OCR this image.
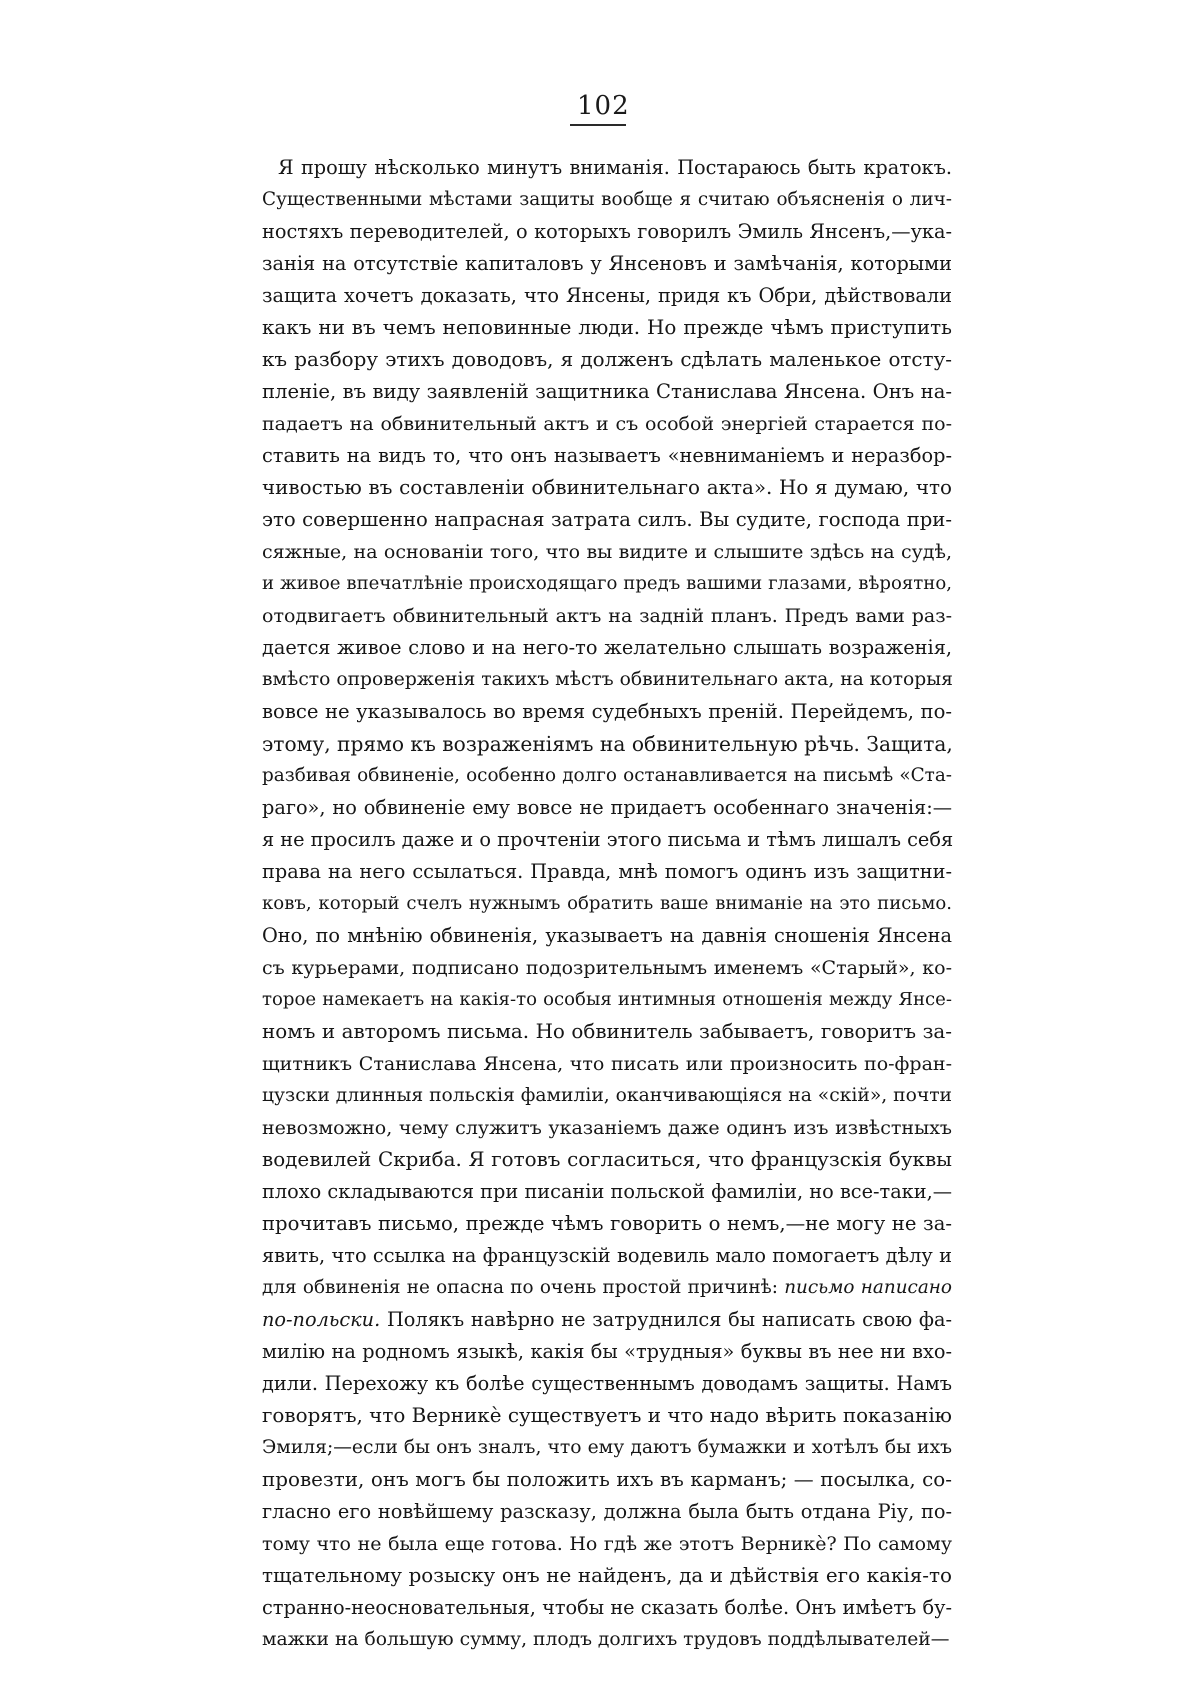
102
Я прошу нѣсколько минутъ вниманія. Постараюсь быть кратокъ.
Существенными мѣстами защиты вообще я считаю объясненія о лич-
ностяхъ переводителей, о которыхъ говорилъ Эмиль Янсенъ,—ука-
занія на отсутствіе капиталовъ у Янсеновъ и замѣчанія, которыми
защита хочетъ доказать, что Янсены, придя къ Обри, дѣйствовали
какъ ни въ чемъ неповинные люди. Но прежде чѣмъ приступить
къ разбору этихъ доводовъ, я долженъ сдѣлать маленькое отсту-
пленіе, въ виду заявленій защитника Станислава Янсена. Онъ на-
падаетъ на обвинительный актъ и съ особой энергіей старается по-
ставить на видъ то, что онъ называетъ «невниманіемъ и неразбор-
чивостью въ составленіи обвинительнаго акта». Но я думаю, что
это совершенно напрасная затрата силъ. Вы судите, господа при-
сяжные, на основаніи того, что вы видите и слышите здѣсь на судѣ,
и живое впечатлѣніе происходящаго предъ вашими глазами, вѣроятно,
отодвигаетъ обвинительный актъ на задній планъ. Предъ вами раз-
дается живое слово и на него-то желательно слышать возраженія,
вмѣсто опроверженія такихъ мѣстъ обвинительнаго акта, на которыя
вовсе не указывалось во время судебныхъ преній. Перейдемъ, по-
этому, прямо къ возраженіямъ на обвинительную рѣчь. Защита,
разбивая обвиненіе, особенно долго останавливается на письмѣ «Ста-
раго», но обвиненіе ему вовсе не придаетъ особеннаго значенія:—
я не просилъ даже и о прочтеніи этого письма и тѣмъ лишалъ себя
права на него ссылаться. Правда, мнѣ помогъ одинъ изъ защитни-
ковъ, который счелъ нужнымъ обратить ваше вниманіе на это письмо.
Оно, по мнѣнію обвиненія, указываетъ на давнія сношенія Янсена
съ курьерами, подписано подозрительнымъ именемъ «Старый», ко-
торое намекаетъ на какія-то особыя интимныя отношенія между Янсе-
номъ и авторомъ письма. Но обвинитель забываетъ, говоритъ за-
щитникъ Станислава Янсена, что писать или произносить по-фран-
цузски длинныя польскія фамиліи, оканчивающіяся на «скій», почти
невозможно, чему служитъ указаніемъ даже одинъ изъ извѣстныхъ
водевилей Скриба. Я готовъ согласиться, что французскія буквы
плохо складываются при писаніи польской фамиліи, но все-таки,—
прочитавъ письмо, прежде чѣмъ говорить о немъ,—не могу не за-
явить, что ссылка на французскій водевиль мало помогаетъ дѣлу и
для обвиненія не опасна по очень простой причинѣ: письмо написано
по-польски. Полякъ навѣрно не затруднился бы написать свою фа-
милію на родномъ языкѣ, какія бы «трудныя» буквы въ нее ни вхо-
дили. Перехожу къ болѣе существеннымъ доводамъ защиты. Намъ
говорятъ, что Верникè существуетъ и что надо вѣрить показанію
Эмиля;—если бы онъ зналъ, что ему даютъ бумажки и хотѣлъ бы ихъ
провезти, онъ могъ бы положить ихъ въ карманъ; — посылка, со-
гласно его новѣйшему разсказу, должна была быть отдана Ріу, по-
тому что не была еще готова. Но гдѣ же этотъ Верникè? По самому
тщательному розыску онъ не найденъ, да и дѣйствія его какія-то
странно-неосновательныя, чтобы не сказать болѣе. Онъ имѣетъ бу-
мажки на большую сумму, плодъ долгихъ трудовъ поддѣлывателей—
